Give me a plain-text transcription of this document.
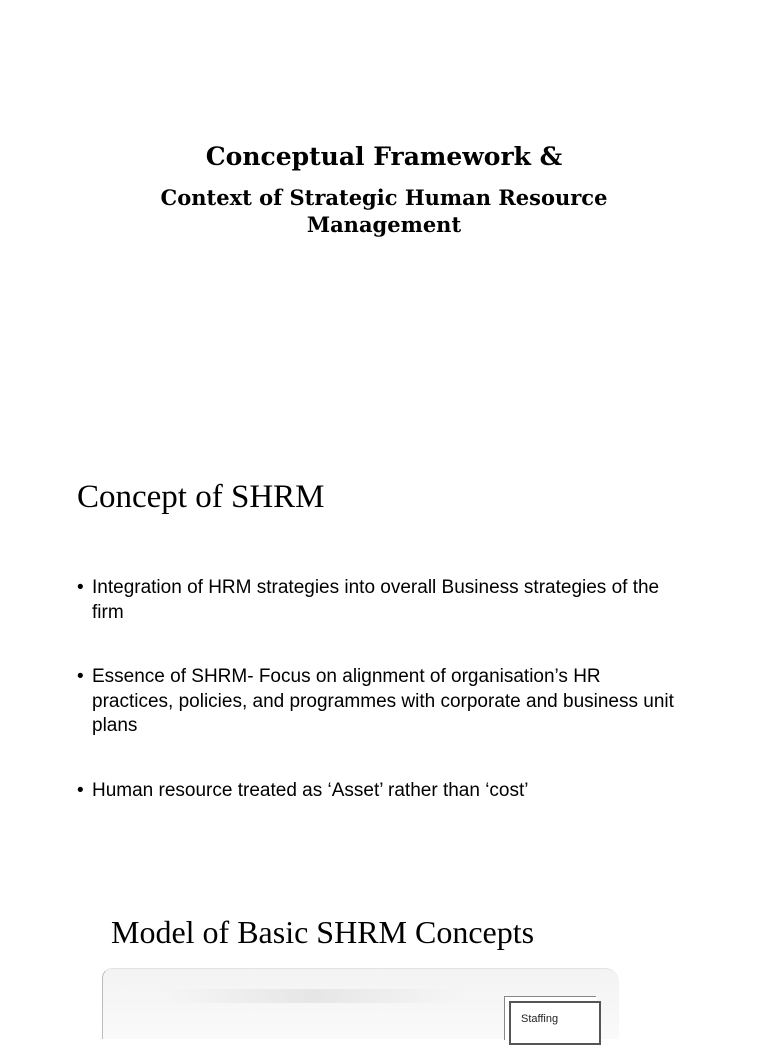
Conceptual Framework &
Context of Strategic Human Resource Management
Concept of SHRM
• Integration of HRM strategies into overall Business strategies of the firm
• Essence of SHRM- Focus on alignment of organisation’s HR practices, policies, and programmes with corporate and business unit plans
• Human resource treated as ‘Asset’ rather than ‘cost’
Model of Basic SHRM Concepts
Staffing
